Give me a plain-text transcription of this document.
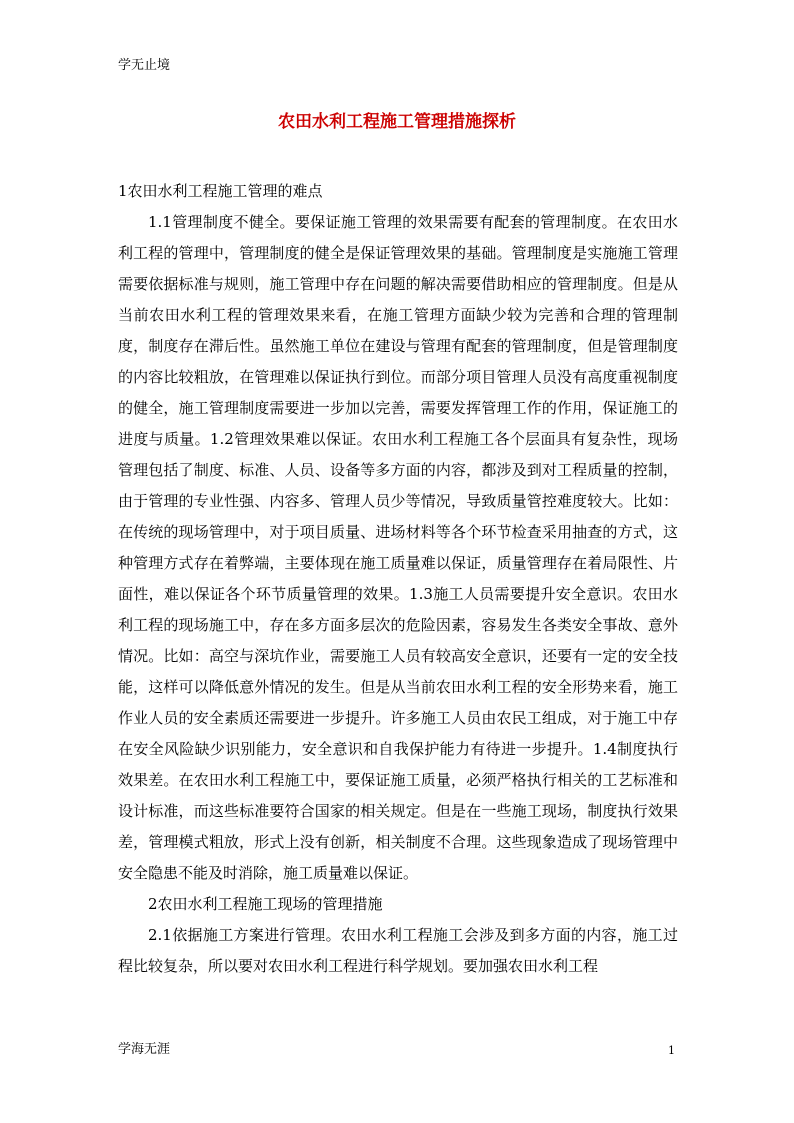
学无止境
农田水利工程施工管理措施探析

1农田水利工程施工管理的难点

1.1管理制度不健全。要保证施工管理的效果需要有配套的管理制度。在农田水利工程的管理中，管理制度的健全是保证管理效果的基础。管理制度是实施施工管理需要依据标准与规则，施工管理中存在问题的解决需要借助相应的管理制度。但是从当前农田水利工程的管理效果来看，在施工管理方面缺少较为完善和合理的管理制度，制度存在滞后性。虽然施工单位在建设与管理有配套的管理制度，但是管理制度的内容比较粗放，在管理难以保证执行到位。而部分项目管理人员没有高度重视制度的健全，施工管理制度需要进一步加以完善，需要发挥管理工作的作用，保证施工的进度与质量。1.2管理效果难以保证。农田水利工程施工各个层面具有复杂性，现场管理包括了制度、标准、人员、设备等多方面的内容，都涉及到对工程质量的控制，由于管理的专业性强、内容多、管理人员少等情况，导致质量管控难度较大。比如：在传统的现场管理中，对于项目质量、进场材料等各个环节检查采用抽查的方式，这种管理方式存在着弊端，主要体现在施工质量难以保证，质量管理存在着局限性、片面性，难以保证各个环节质量管理的效果。1.3施工人员需要提升安全意识。农田水利工程的现场施工中，存在多方面多层次的危险因素，容易发生各类安全事故、意外情况。比如：高空与深坑作业，需要施工人员有较高安全意识，还要有一定的安全技能，这样可以降低意外情况的发生。但是从当前农田水利工程的安全形势来看，施工作业人员的安全素质还需要进一步提升。许多施工人员由农民工组成，对于施工中存在安全风险缺少识别能力，安全意识和自我保护能力有待进一步提升。1.4制度执行效果差。在农田水利工程施工中，要保证施工质量，必须严格执行相关的工艺标准和设计标准，而这些标准要符合国家的相关规定。但是在一些施工现场，制度执行效果差，管理模式粗放，形式上没有创新，相关制度不合理。这些现象造成了现场管理中安全隐患不能及时消除，施工质量难以保证。

2农田水利工程施工现场的管理措施

2.1依据施工方案进行管理。农田水利工程施工会涉及到多方面的内容，施工过程比较复杂，所以要对农田水利工程进行科学规划。要加强农田水利工程

学海无涯	1
